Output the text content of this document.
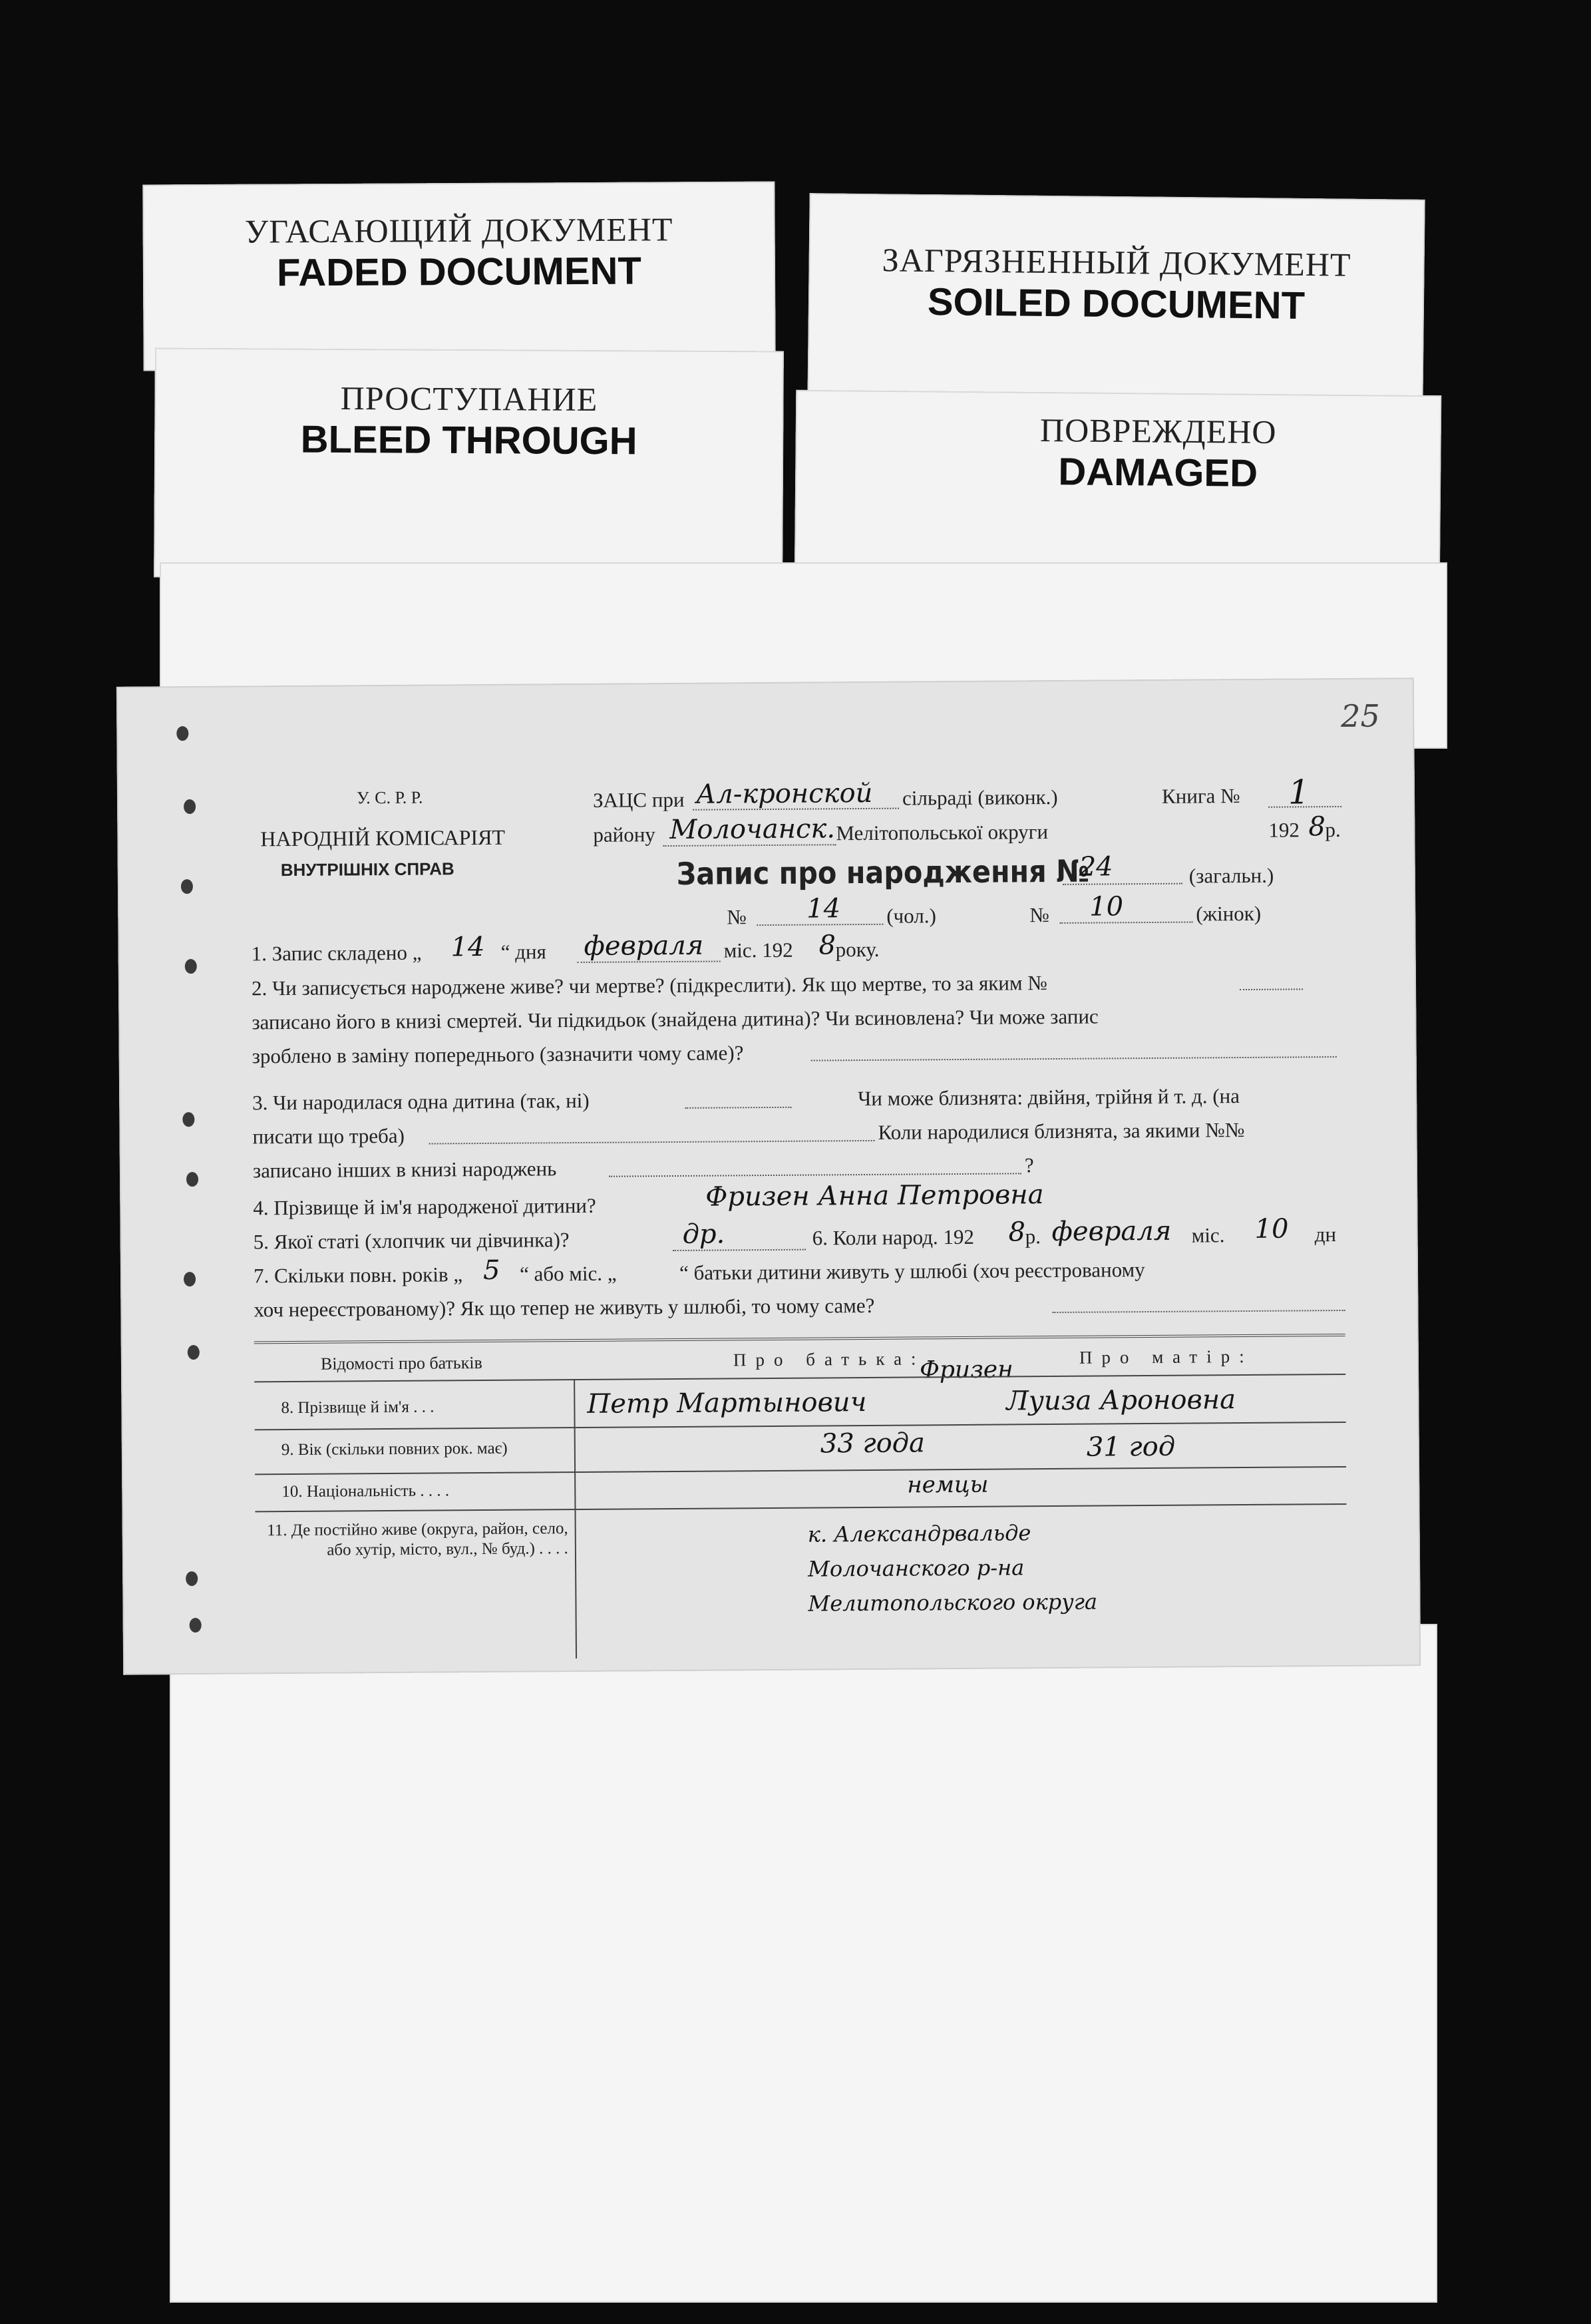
УГАСАЮЩИЙ ДОКУМЕНТ
FADED DOCUMENT	ЗАГРЯЗНЕННЫЙ ДОКУМЕНТ
SOILED DOCUMENT
ПРОСТУПАНИЕ
BLEED THROUGH	ПОВРЕЖДЕНО
DAMAGED
25
У. С. Р. Р.
НАРОДНІЙ КОМІСАРІЯТ
ВНУТРІШНІХ СПРАВ
ЗАЦС при Ал-кронской сільраді (виконк.)	Книга № 1
району Молочанск. Мелітопольської округи	192 8 р.
Запис про народження №
24	(загальн.)
№ 14 (чол.)	№ 10	(жінок)
1. Запис складено „ 14 “ дня февраля міс. 192 8 року.
2. Чи записується народжене живе? чи мертве? (підкреслити). Як що мертве, то за яким №
записано його в книзі смертей. Чи підкидьок (знайдена дитина)? Чи всиновлена? Чи може запис
зроблено в заміну попереднього (зазначити чому саме)?
3. Чи народилася одна дитина (так, ні)	Чи може близнята: двійня, трійня й т. д. (на
писати що треба)	Коли народилися близнята, за якими №№
записано інших в книзі народжень	?
4. Прізвище й ім'я народженої дитини?	Фризен Анна Петровна
5. Якої статі (хлопчик чи дівчинка)?	др.	6. Коли народ. 192 8 р. февраля міс. 10 дн
7. Скільки повн. років „ 5 “ або міс. „	“ батьки дитини живуть у шлюбі (хоч реєстрованому
хоч нереєстрованому)? Як що тепер не живуть у шлюбі, то чому саме?
Відомості про батьків	Про батька:	Про матір:
Фризен
8. Прізвище й ім'я . . .	Петр Мартынович	Луиза Ароновна
9. Вік (скільки повних рок. має)	33 года	31 год
10. Національність . . . .	немцы
11. Де постійно живе (округа, район, село, або хутір, місто, вул., № буд.) . . . .
к. Александрвальде Молочанского р-на Мелитопольского округа
